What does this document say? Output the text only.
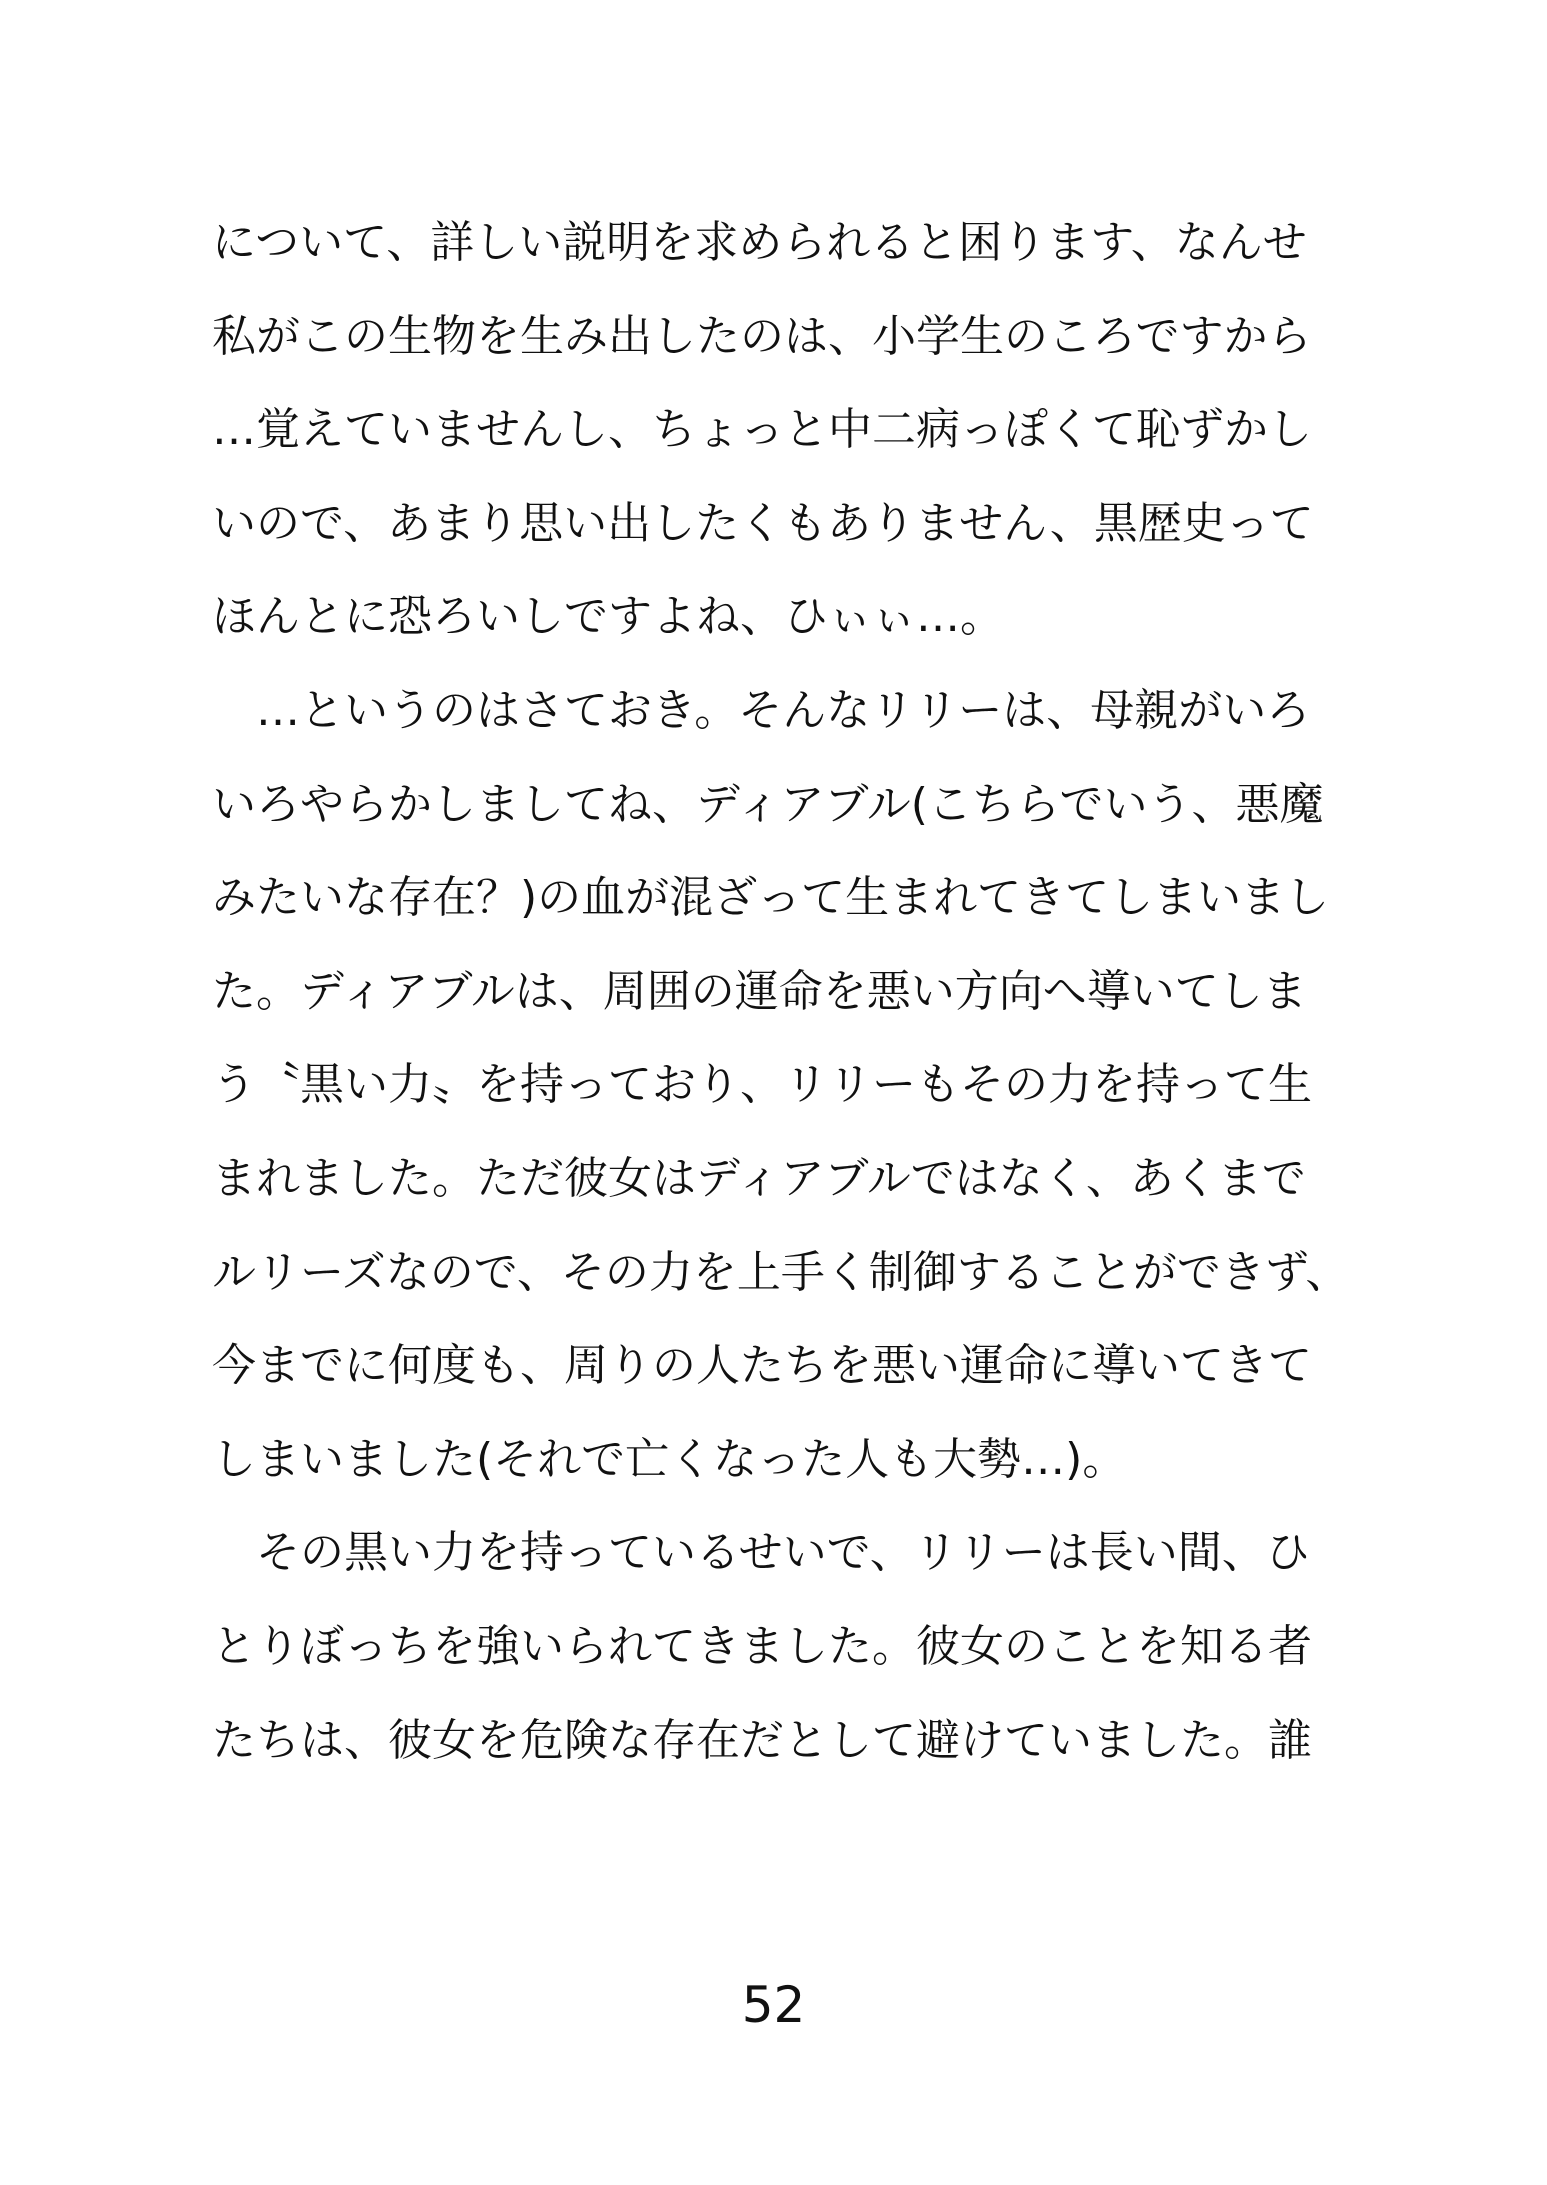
について、詳しい説明を求められると困ります、なんせ
私がこの生物を生み出したのは、小学生のころですから
…覚えていませんし、ちょっと中二病っぽくて恥ずかし
いので、あまり思い出したくもありません、黒歴史って
ほんとに恐ろいしですよね、ひぃぃ…。
　…というのはさておき。そんなリリーは、母親がいろ
いろやらかしましてね、ディアブル(こちらでいう、悪魔
みたいな存在？)の血が混ざって生まれてきてしまいまし
た。ディアブルは、周囲の運命を悪い方向へ導いてしま
う〝黒い力〟を持っており、リリーもその力を持って生
まれました。ただ彼女はディアブルではなく、あくまで
ルリーズなので、その力を上手く制御することができず、
今までに何度も、周りの人たちを悪い運命に導いてきて
しまいました(それで亡くなった人も大勢…)。
　その黒い力を持っているせいで、リリーは長い間、ひ
とりぼっちを強いられてきました。彼女のことを知る者
たちは、彼女を危険な存在だとして避けていました。誰
52
